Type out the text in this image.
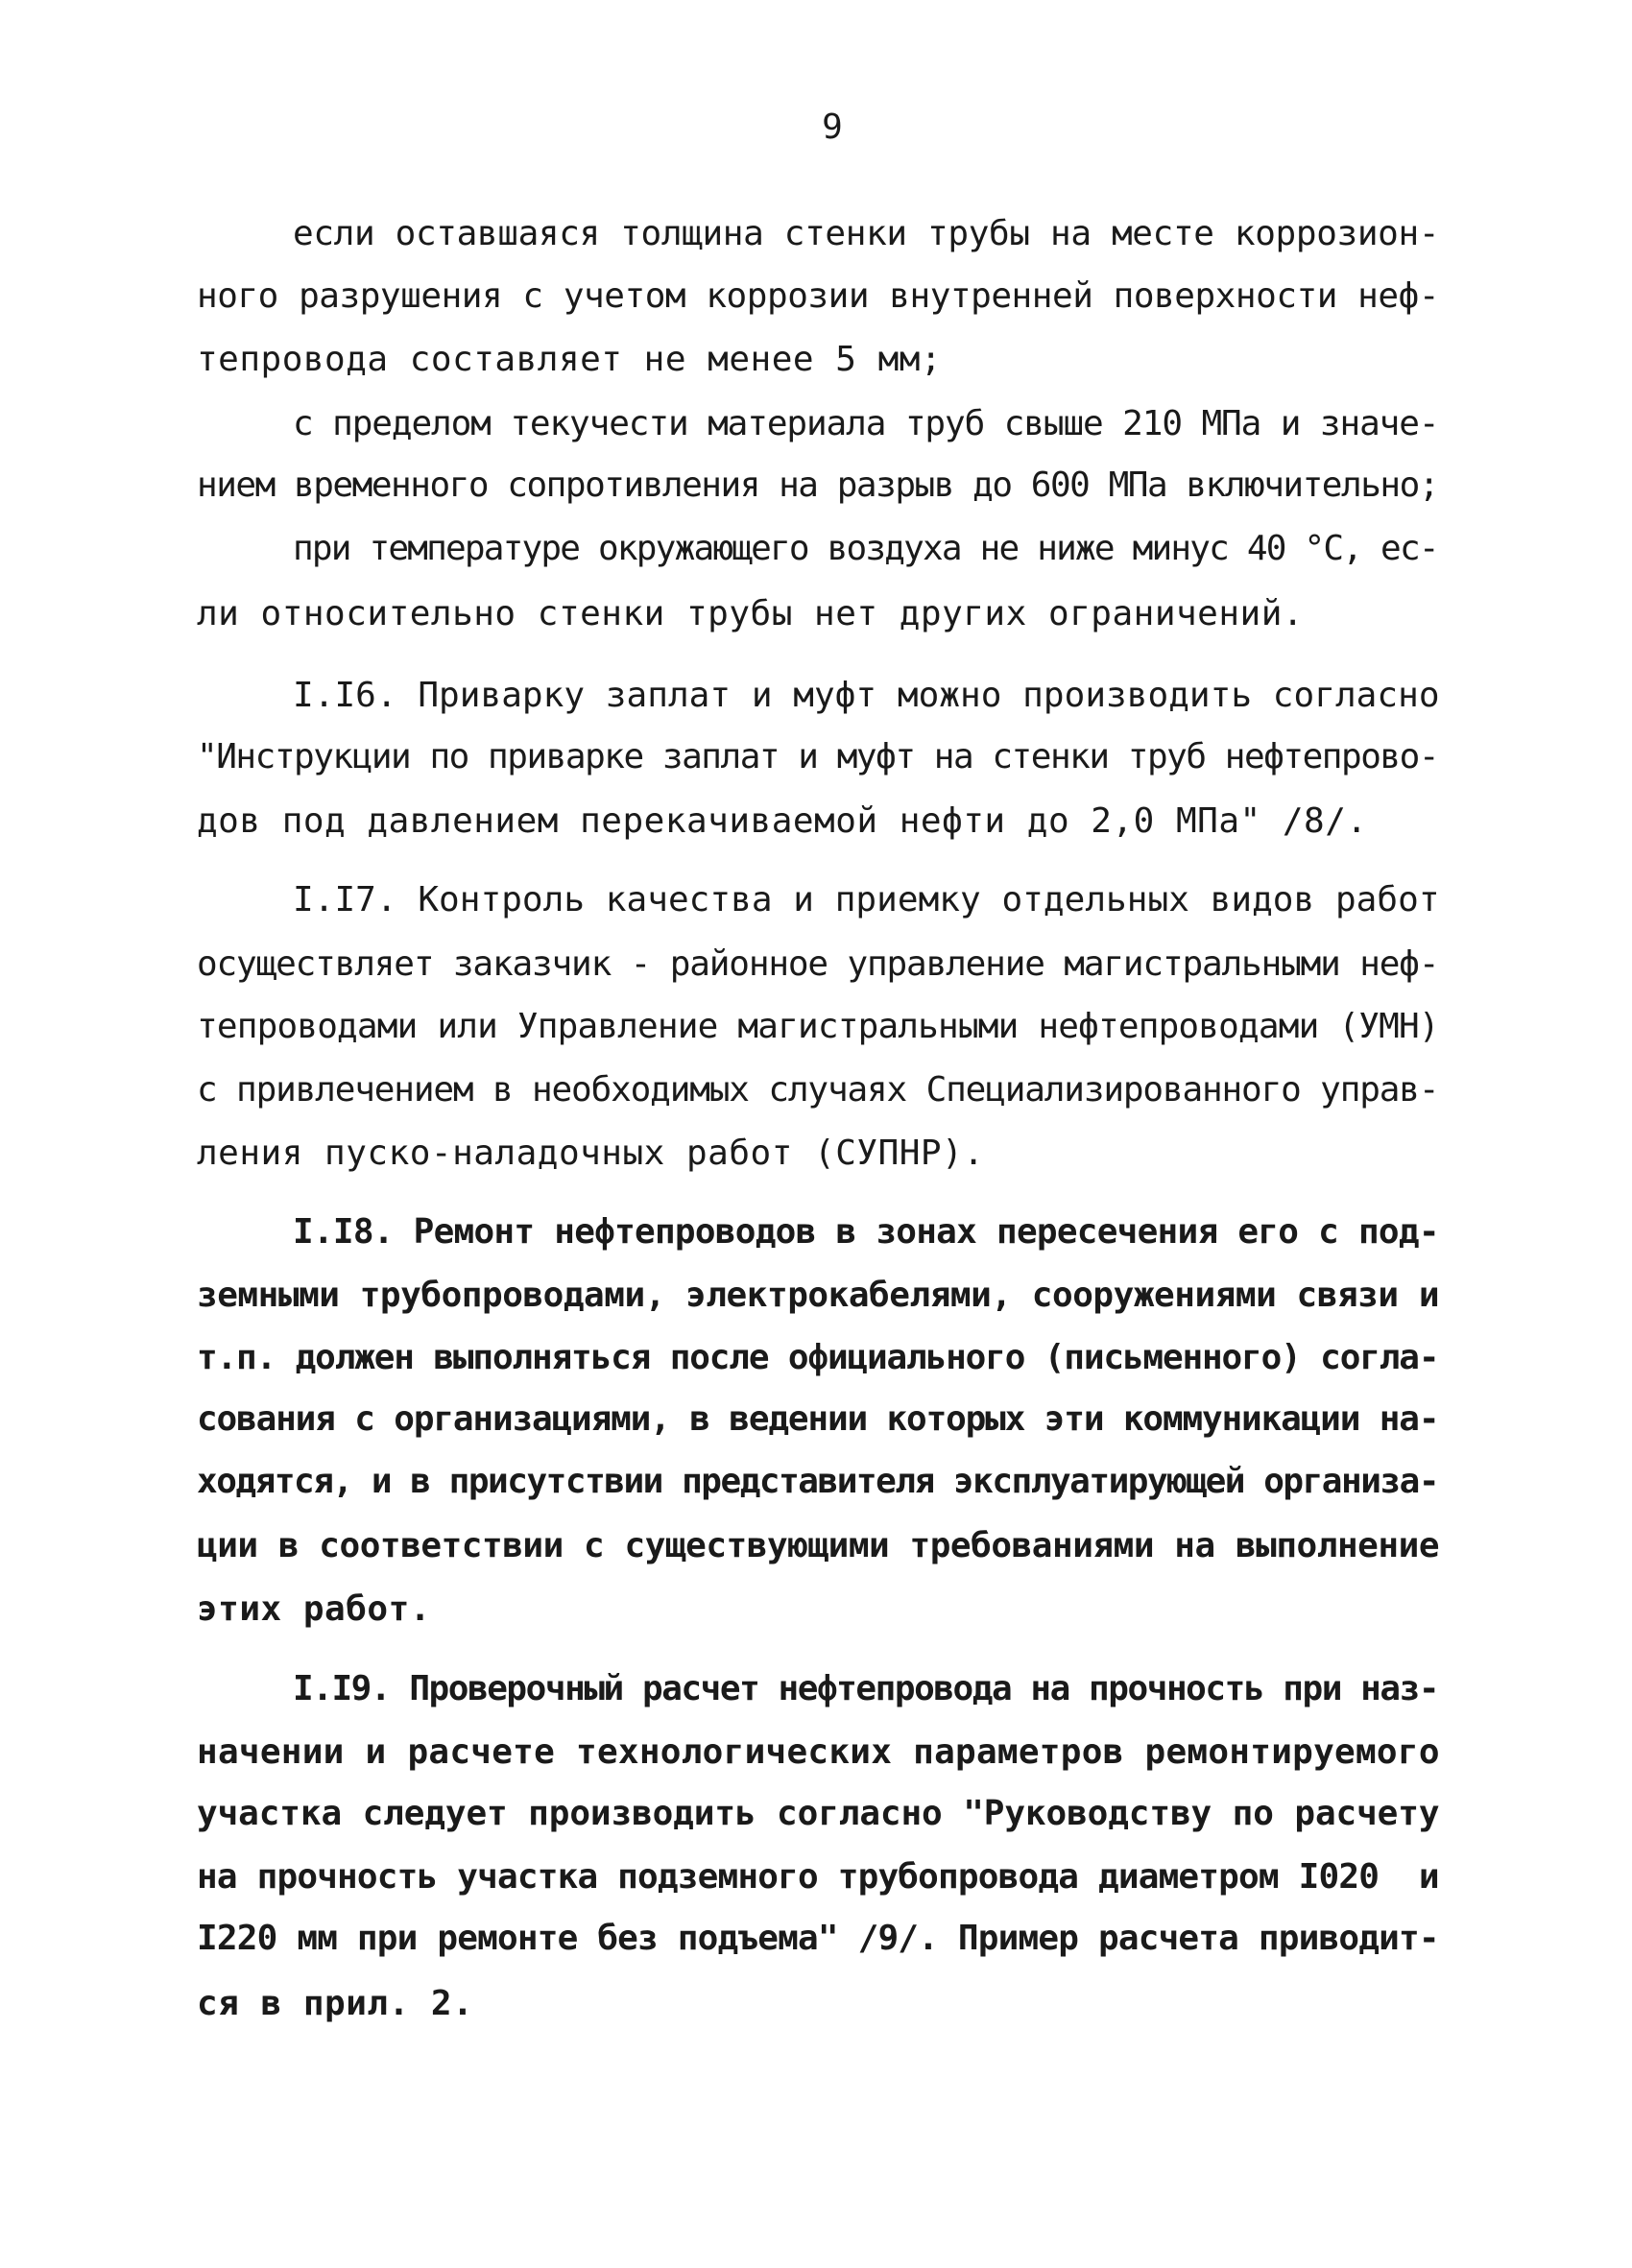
9
если оставшаяся толщина стенки трубы на месте коррозион-
ного разрушения с учетом коррозии внутренней поверхности неф-
тепровода составляет не менее 5 мм;
с пределом текучести материала труб свыше 210 МПа и значе-
нием временного сопротивления на разрыв до 600 МПа включительно;
при температуре окружающего воздуха не ниже минус 40 °С, ес-
ли относительно стенки трубы нет других ограничений.
I.I6. Приварку заплат и муфт можно производить согласно
"Инструкции по приварке заплат и муфт на стенки труб нефтепрово-
дов под давлением перекачиваемой нефти до 2,0 МПа" /8/.
I.I7. Контроль качества и приемку отдельных видов работ
осуществляет заказчик - районное управление магистральными неф-
тепроводами или Управление магистральными нефтепроводами (УМН)
с привлечением в необходимых случаях Специализированного управ-
ления пуско-наладочных работ (СУПНР).
I.I8. Ремонт нефтепроводов в зонах пересечения его с под-
земными трубопроводами, электрокабелями, сооружениями связи и
т.п. должен выполняться после официального (письменного) согла-
сования с организациями, в ведении которых эти коммуникации на-
ходятся, и в присутствии представителя эксплуатирующей организа-
ции в соответствии с существующими требованиями на выполнение
этих работ.
I.I9. Проверочный расчет нефтепровода на прочность при наз-
начении и расчете технологических параметров ремонтируемого
участка следует производить согласно "Руководству по расчету
на прочность участка подземного трубопровода диаметром I020  и
I220 мм при ремонте без подъема" /9/. Пример расчета приводит-
ся в прил. 2.
